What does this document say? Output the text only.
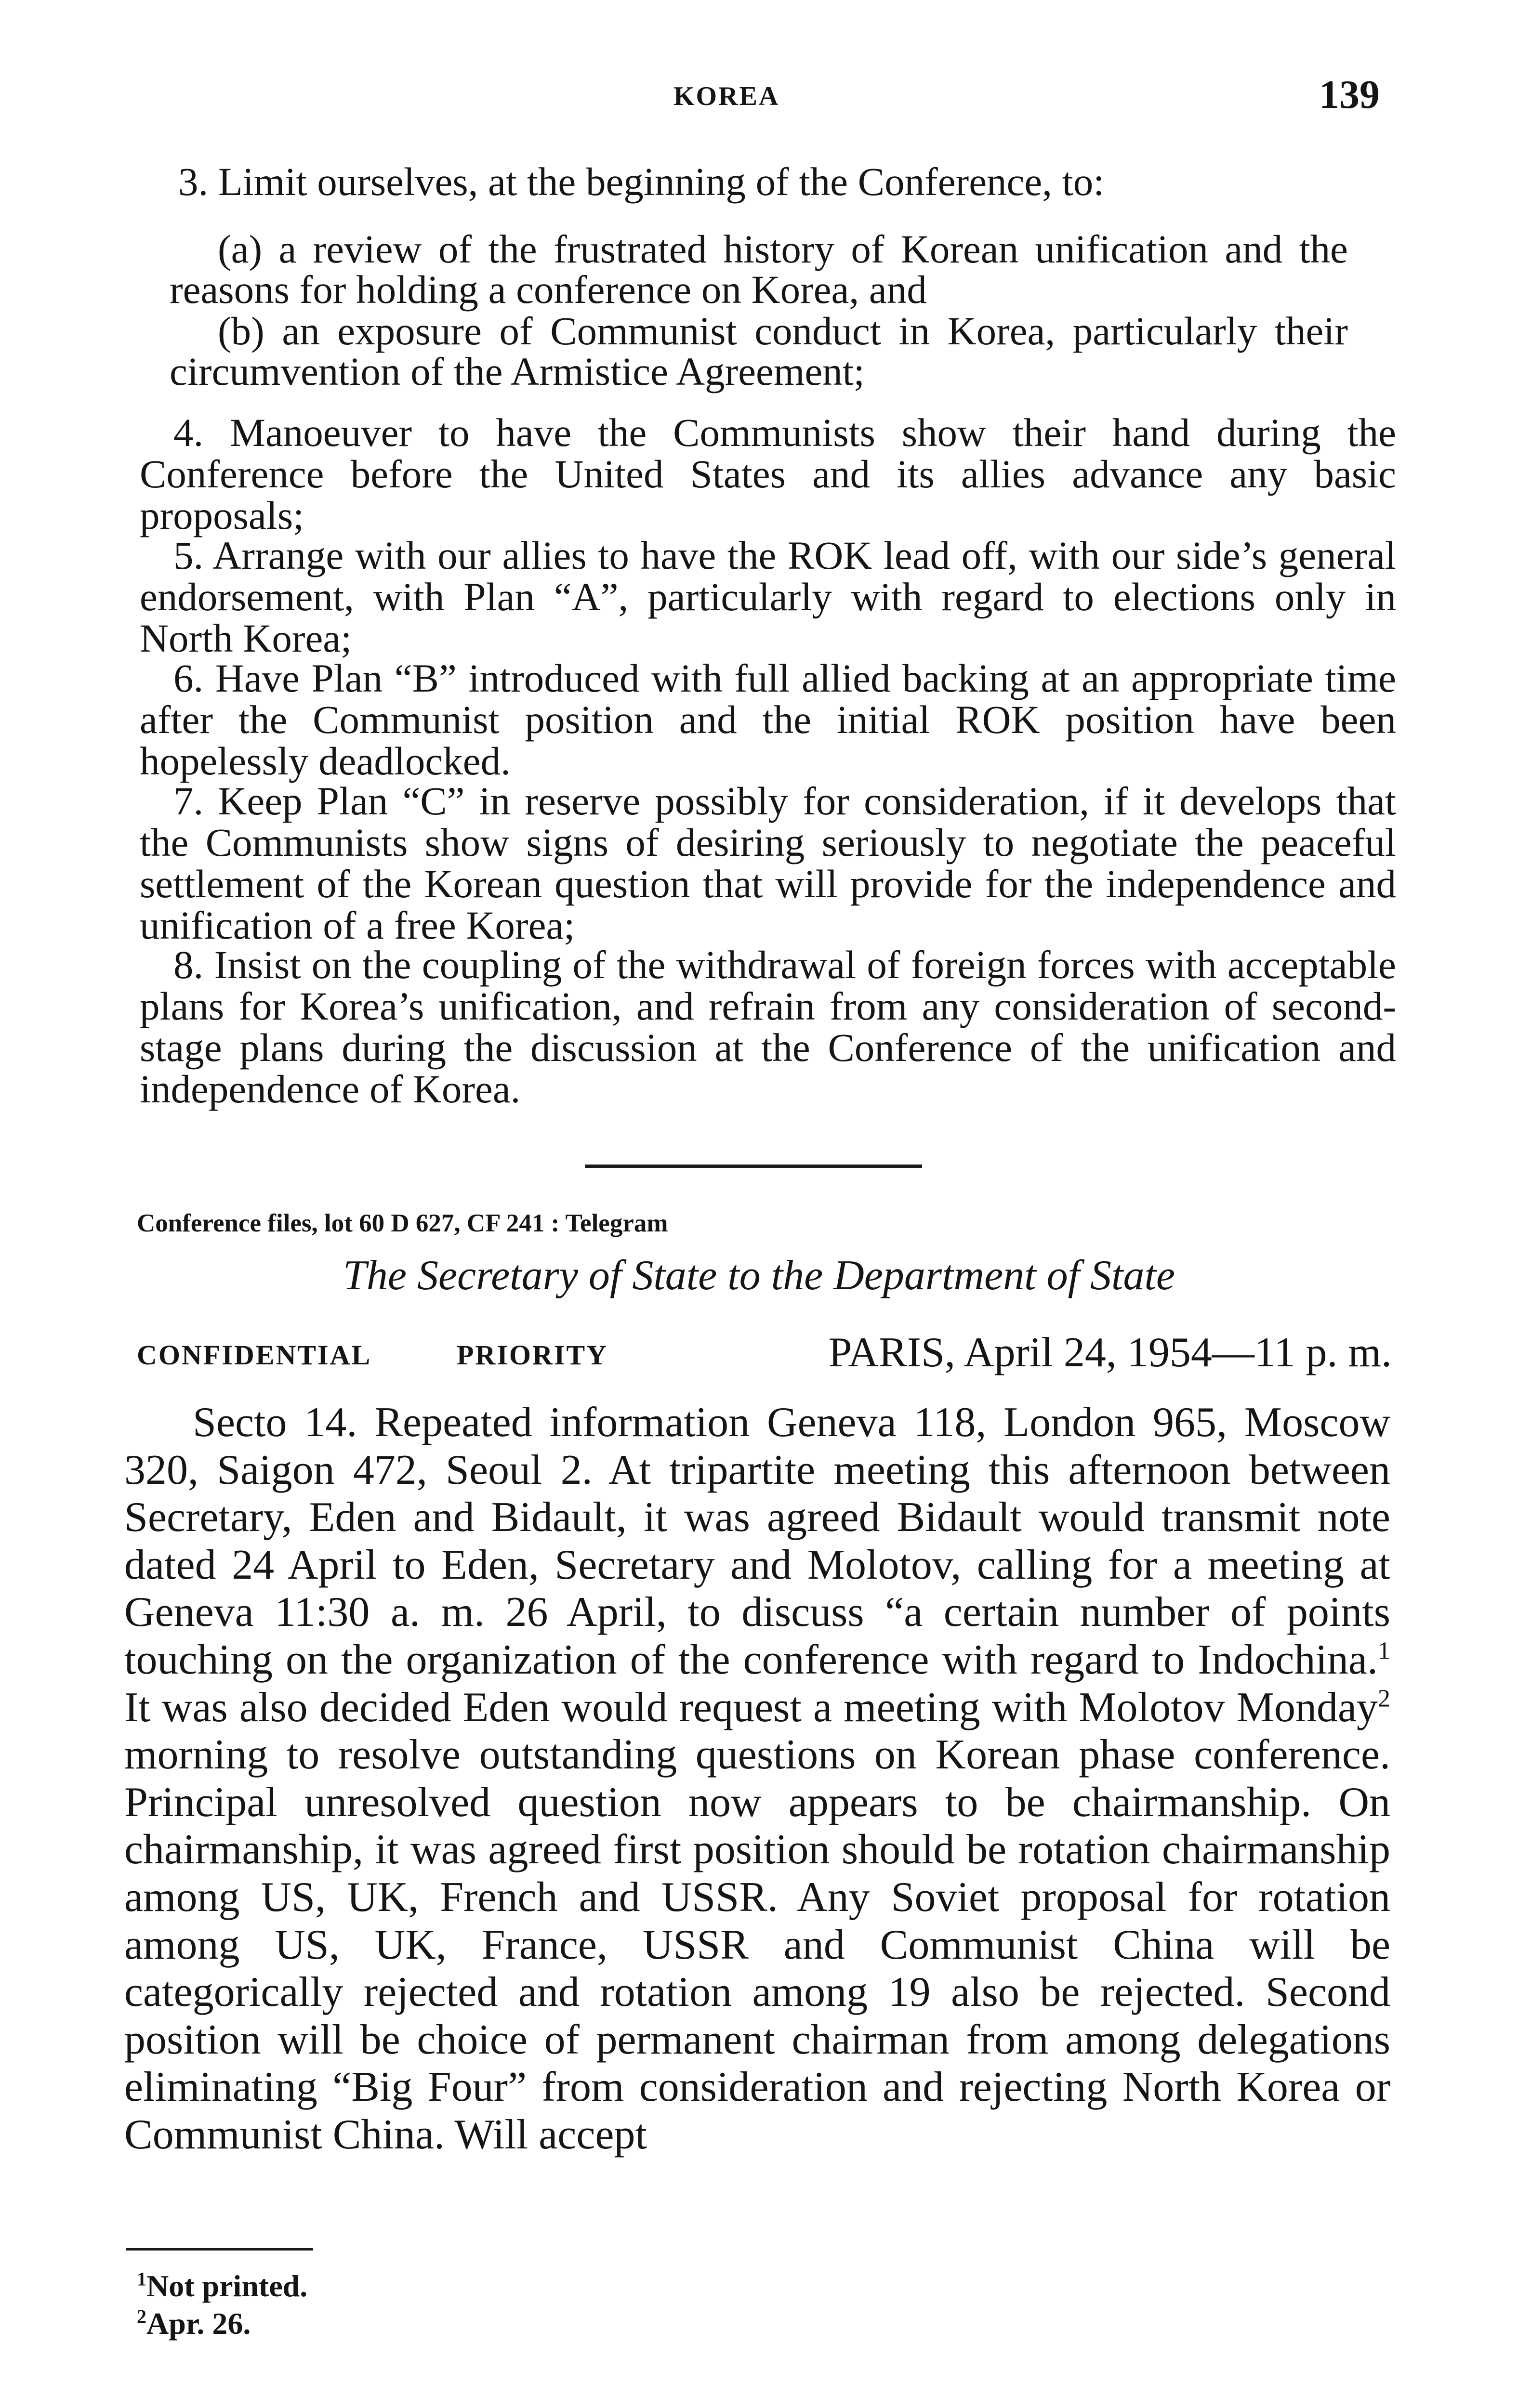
KOREA	139
3. Limit ourselves, at the beginning of the Conference, to:
(a) a review of the frustrated history of Korean unification and the reasons for holding a conference on Korea, and
(b) an exposure of Communist conduct in Korea, particularly their circumvention of the Armistice Agreement;
4. Manoeuver to have the Communists show their hand during the Conference before the United States and its allies advance any basic proposals;
5. Arrange with our allies to have the ROK lead off, with our side’s general endorsement, with Plan “A”, particularly with regard to elections only in North Korea;
6. Have Plan “B” introduced with full allied backing at an appropriate time after the Communist position and the initial ROK position have been hopelessly deadlocked.
7. Keep Plan “C” in reserve possibly for consideration, if it develops that the Communists show signs of desiring seriously to negotiate the peaceful settlement of the Korean question that will provide for the independence and unification of a free Korea;
8. Insist on the coupling of the withdrawal of foreign forces with acceptable plans for Korea’s unification, and refrain from any consideration of second-stage plans during the discussion at the Conference of the unification and independence of Korea.
Conference files, lot 60 D 627, CF 241 : Telegram
The Secretary of State to the Department of State
CONFIDENTIAL	PRIORITY	PARIS, April 24, 1954—11 p. m.
Secto 14. Repeated information Geneva 118, London 965, Moscow 320, Saigon 472, Seoul 2. At tripartite meeting this afternoon between Secretary, Eden and Bidault, it was agreed Bidault would transmit note dated 24 April to Eden, Secretary and Molotov, calling for a meeting at Geneva 11:30 a. m. 26 April, to discuss “a certain number of points touching on the organization of the conference with regard to Indochina.$^1$ It was also decided Eden would request a meeting with Molotov Monday$^2$ morning to resolve outstanding questions on Korean phase conference. Principal unresolved question now appears to be chairmanship. On chairmanship, it was agreed first position should be rotation chairmanship among US, UK, French and USSR. Any Soviet proposal for rotation among US, UK, France, USSR and Communist China will be categorically rejected and rotation among 19 also be rejected. Second position will be choice of permanent chairman from among delegations eliminating “Big Four” from consideration and rejecting North Korea or Communist China. Will accept
$^1$Not printed.
$^2$Apr. 26.
